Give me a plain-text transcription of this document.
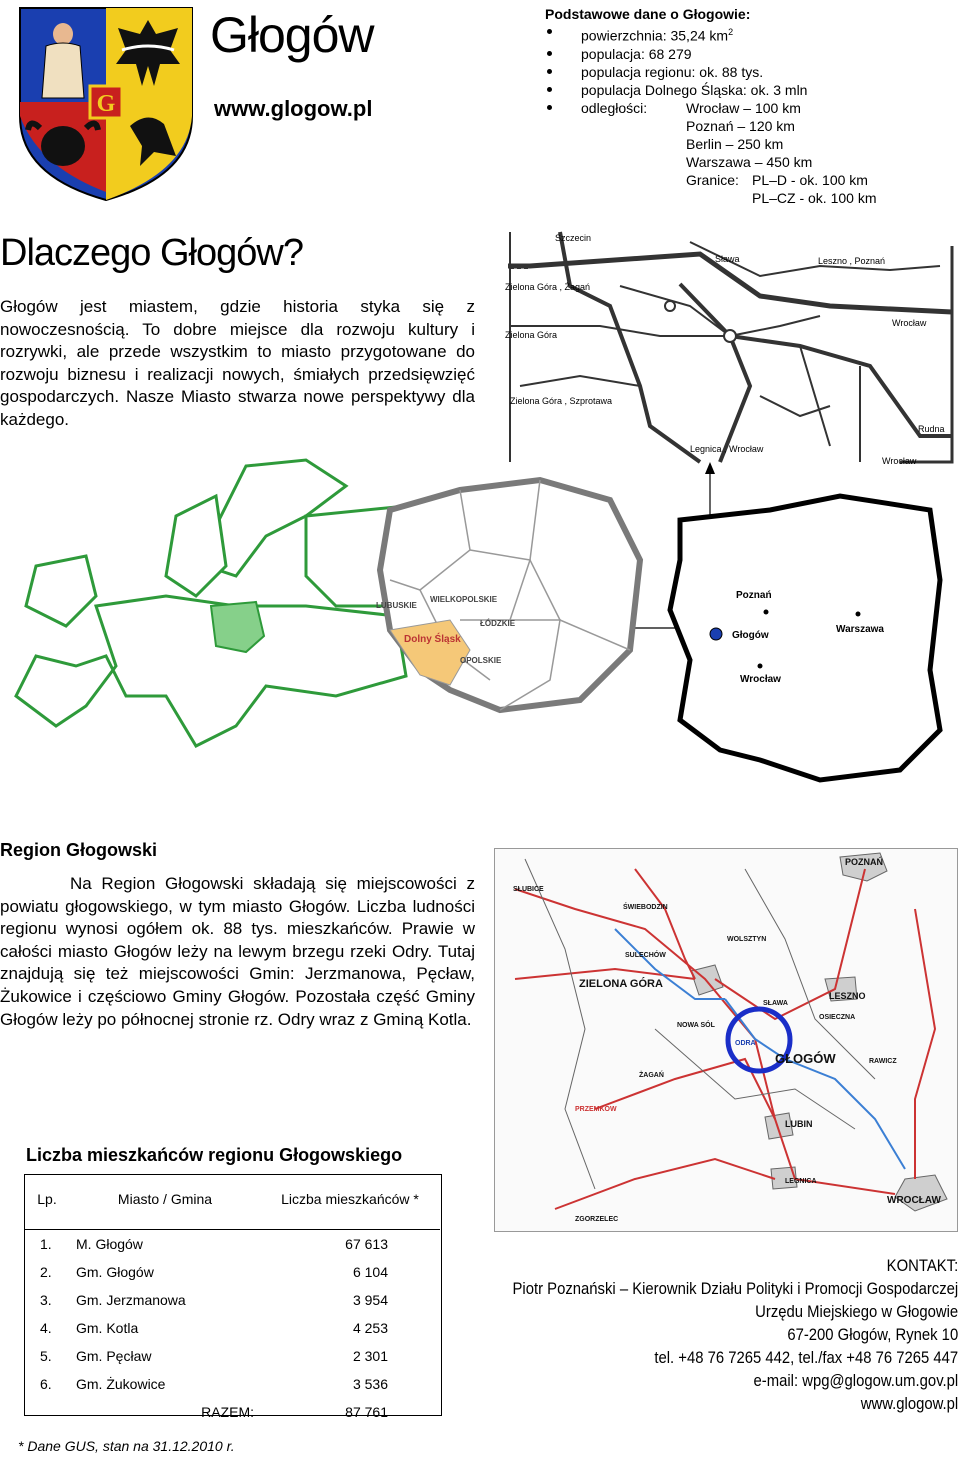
G
Głogów
www.glogow.pl
Podstawowe dane o Głogowie:
powierzchnia: 35,24 $km^2$
populacja: 68 279
populacja regionu: ok. 88 tys.
populacja Dolnego Śląska: ok. 3 mln
odległości:	Wrocław – 100 km
Poznań – 120 km
Berlin – 250 km
Warszawa – 450 km
Granice: PL–D - ok. 100 km
PL–CZ - ok. 100 km
Dlaczego Głogów?
Głogów jest miastem, gdzie historia styka się z nowoczesnością. To dobre miejsce dla rozwoju kultury i rozrywki, ale przede wszystkim to miasto przygotowane do rozwoju biznesu i realizacji nowych, śmiałych przedsięwzięć gospodarczych. Nasze Miasto stwarza nowe perspektywy dla każdego.
Szczecin
Sława	Leszno , Poznań
Zielona Góra , Żagań
Zielona Góra
Wrocław
Zielona Góra , Szprotawa
Rudna
Legnica , Wrocław
Wrocław
LUBUSKIE
WIELKOPOLSKIE
ŁÓDZKIE
Dolny Śląsk
OPOLSKIE
Poznań
Głogów
Warszawa
Wrocław
Region Głogowski
Na Region Głogowski składają się miejscowości z powiatu głogowskiego, w tym miasto Głogów. Liczba ludności regionu wynosi ogółem ok. 88 tys. mieszkańców. Prawie w całości miasto Głogów leży na lewym brzegu rzeki Odry. Tutaj znajdują się też miejscowości Gmin: Jerzmanowa, Pęcław, Żukowice i częściowo Gminy Głogów. Pozostała część Gminy Głogów leży po północnej stronie rz. Odry wraz z Gminą Kotla.
POZNAŃ
ŚWIEBODZIN
SULECHÓW
ZIELONA GÓRA
SŁAWA
LESZNO
OSIECZNA
NOWA SÓL
GŁOGÓW
ŻAGAŃ
LUBIN
LEGNICA
WROCŁAW
ODRA
ZGORZELEC
PRZEMKÓW
WOLSZTYN
RAWICZ
SŁUBICE
Liczba mieszkańców regionu Głogowskiego
Lp.	Miasto / Gmina	Liczba mieszkańców *

1.	M. Głogów	67 613
2.	Gm. Głogów	6 104
3.	Gm. Jerzmanowa	3 954
4.	Gm. Kotla	4 253
5.	Gm. Pęcław	2 301
6.	Gm. Żukowice	3 536
	RAZEM:	87 761
* Dane GUS, stan na 31.12.2010 r.
KONTAKT:
Piotr Poznański – Kierownik Działu Polityki i Promocji Gospodarczej
Urzędu Miejskiego w Głogowie
67-200 Głogów, Rynek 10
tel. +48 76 7265 442, tel./fax +48 76 7265 447
e-mail: wpg@glogow.um.gov.pl
www.glogow.pl
